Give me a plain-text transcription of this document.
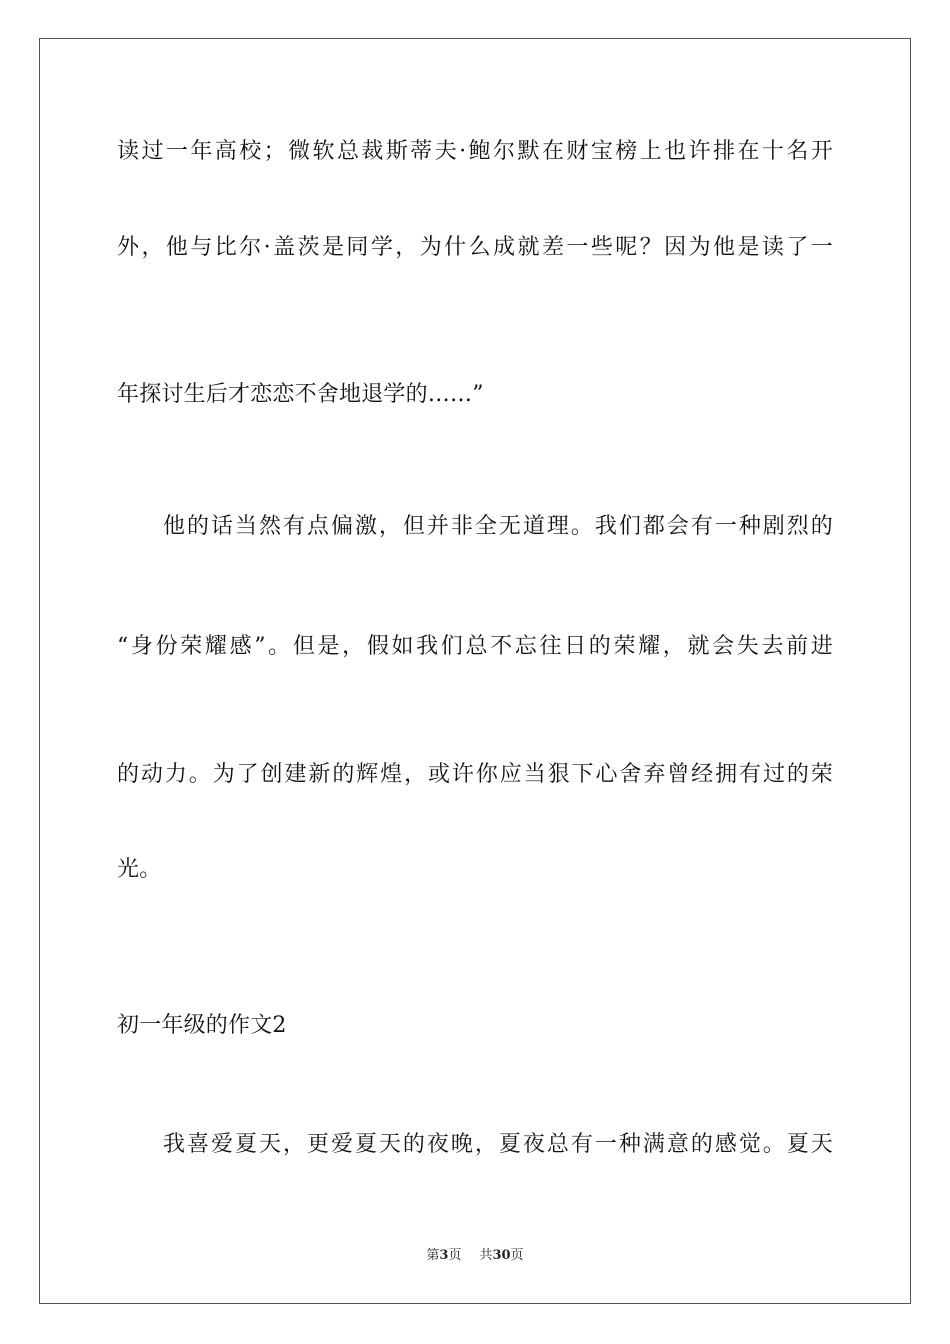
读过一年高校；微软总裁斯蒂夫·鲍尔默在财宝榜上也许排在十名开
外，他与比尔·盖茨是同学，为什么成就差一些呢？因为他是读了一
年探讨生后才恋恋不舍地退学的……”
他的话当然有点偏激，但并非全无道理。我们都会有一种剧烈的
“身份荣耀感”。但是，假如我们总不忘往日的荣耀，就会失去前进
的动力。为了创建新的辉煌，或许你应当狠下心舍弃曾经拥有过的荣
光。
初一年级的作文2
我喜爱夏天，更爱夏天的夜晚，夏夜总有一种满意的感觉。夏天
第3页 共30页
